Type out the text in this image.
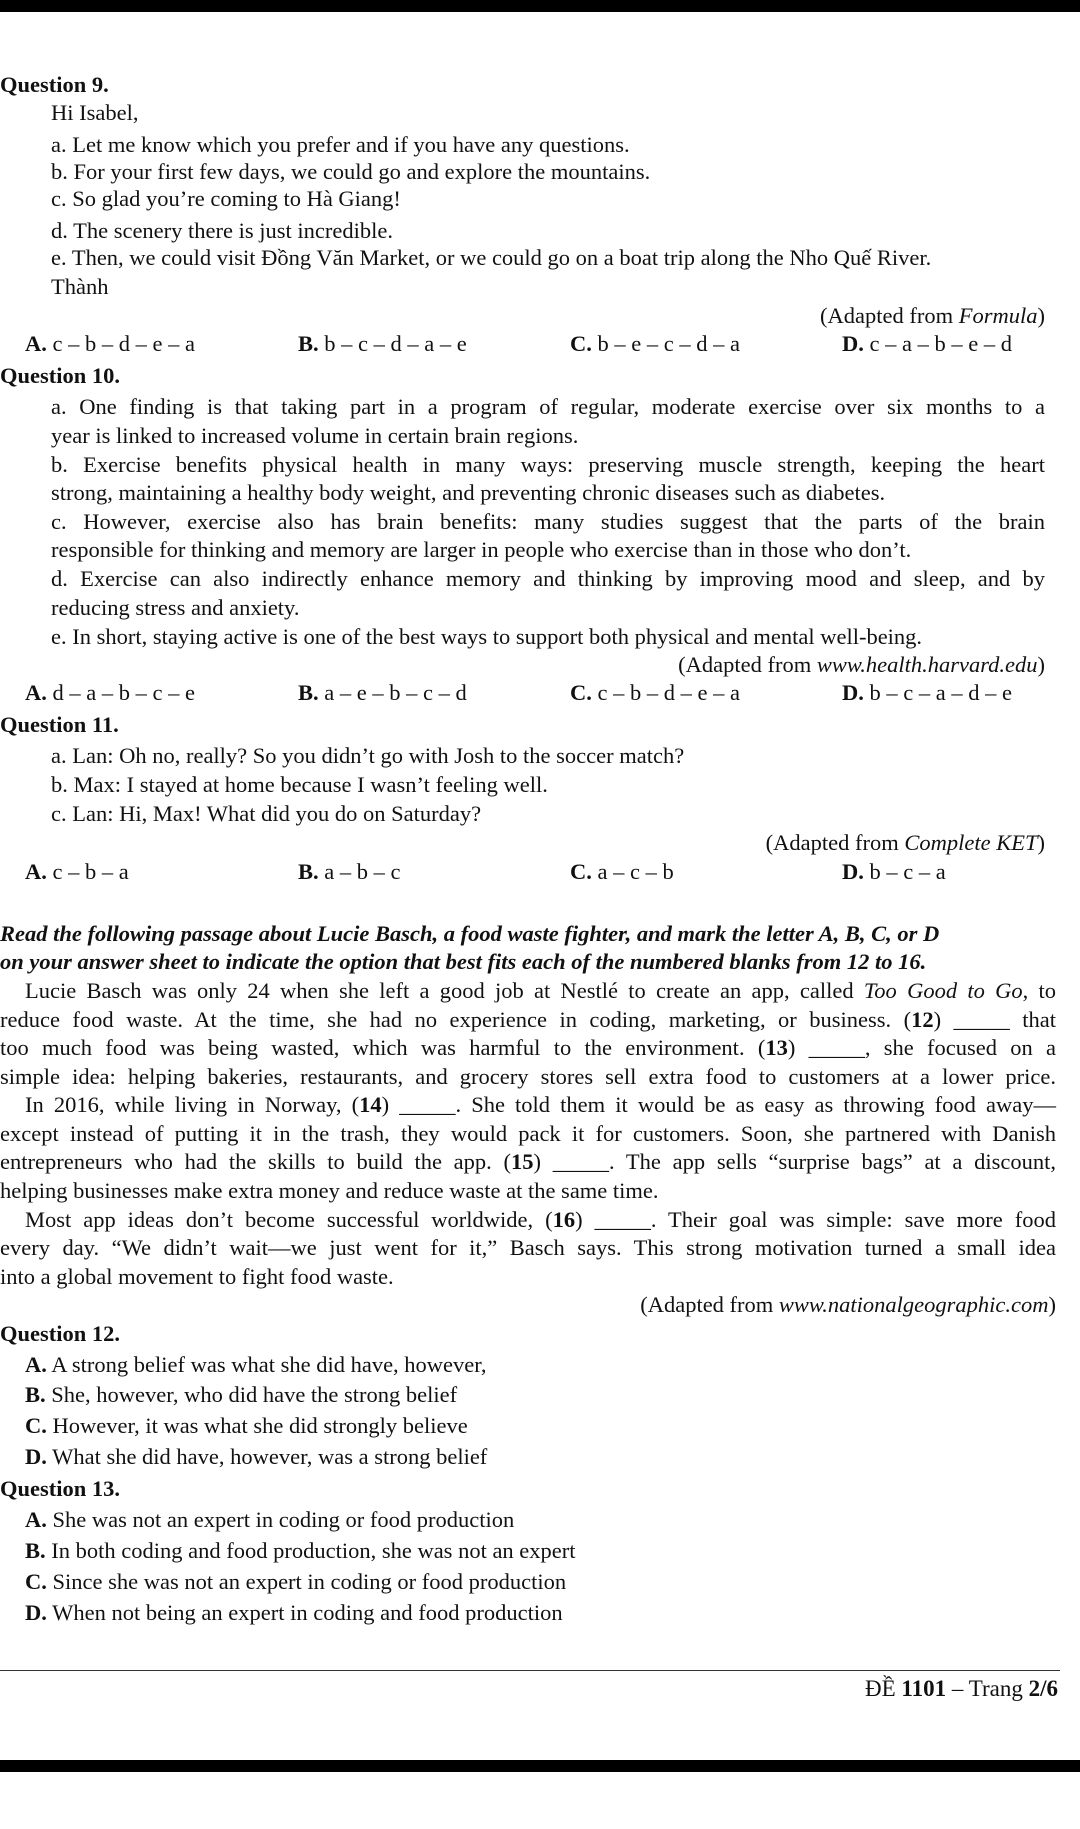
Question 9.
Hi Isabel,
a. Let me know which you prefer and if you have any questions.
b. For your first few days, we could go and explore the mountains.
c. So glad you’re coming to Hà Giang!
d. The scenery there is just incredible.
e. Then, we could visit Đồng Văn Market, or we could go on a boat trip along the Nho Quế River.
Thành
(Adapted from Formula)
A. c – b – d – e – a	B. b – c – d – a – e	C. b – e – c – d – a	D. c – a – b – e – d
Question 10.
a. One finding is that taking part in a program of regular, moderate exercise over six months to a
year is linked to increased volume in certain brain regions.
b. Exercise benefits physical health in many ways: preserving muscle strength, keeping the heart
strong, maintaining a healthy body weight, and preventing chronic diseases such as diabetes.
c. However, exercise also has brain benefits: many studies suggest that the parts of the brain
responsible for thinking and memory are larger in people who exercise than in those who don’t.
d. Exercise can also indirectly enhance memory and thinking by improving mood and sleep, and by
reducing stress and anxiety.
e. In short, staying active is one of the best ways to support both physical and mental well-being.
(Adapted from www.health.harvard.edu)
A. d – a – b – c – e	B. a – e – b – c – d	C. c – b – d – e – a	D. b – c – a – d – e
Question 11.
a. Lan: Oh no, really? So you didn’t go with Josh to the soccer match?
b. Max: I stayed at home because I wasn’t feeling well.
c. Lan: Hi, Max! What did you do on Saturday?
(Adapted from Complete KET)
A. c – b – a	B. a – b – c	C. a – c – b	D. b – c – a
Read the following passage about Lucie Basch, a food waste fighter, and mark the letter A, B, C, or D
on your answer sheet to indicate the option that best fits each of the numbered blanks from 12 to 16.
Lucie Basch was only 24 when she left a good job at Nestlé to create an app, called Too Good to Go, to
reduce food waste. At the time, she had no experience in coding, marketing, or business. (12) _____ that
too much food was being wasted, which was harmful to the environment. (13) _____, she focused on a
simple idea: helping bakeries, restaurants, and grocery stores sell extra food to customers at a lower price.
In 2016, while living in Norway, (14) _____. She told them it would be as easy as throwing food away—
except instead of putting it in the trash, they would pack it for customers. Soon, she partnered with Danish
entrepreneurs who had the skills to build the app. (15) _____. The app sells “surprise bags” at a discount,
helping businesses make extra money and reduce waste at the same time.
Most app ideas don’t become successful worldwide, (16) _____. Their goal was simple: save more food
every day. “We didn’t wait—we just went for it,” Basch says. This strong motivation turned a small idea
into a global movement to fight food waste.
(Adapted from www.nationalgeographic.com)
Question 12.
A. A strong belief was what she did have, however,
B. She, however, who did have the strong belief
C. However, it was what she did strongly believe
D. What she did have, however, was a strong belief
Question 13.
A. She was not an expert in coding or food production
B. In both coding and food production, she was not an expert
C. Since she was not an expert in coding or food production
D. When not being an expert in coding and food production
ĐỀ 1101 – Trang 2/6
